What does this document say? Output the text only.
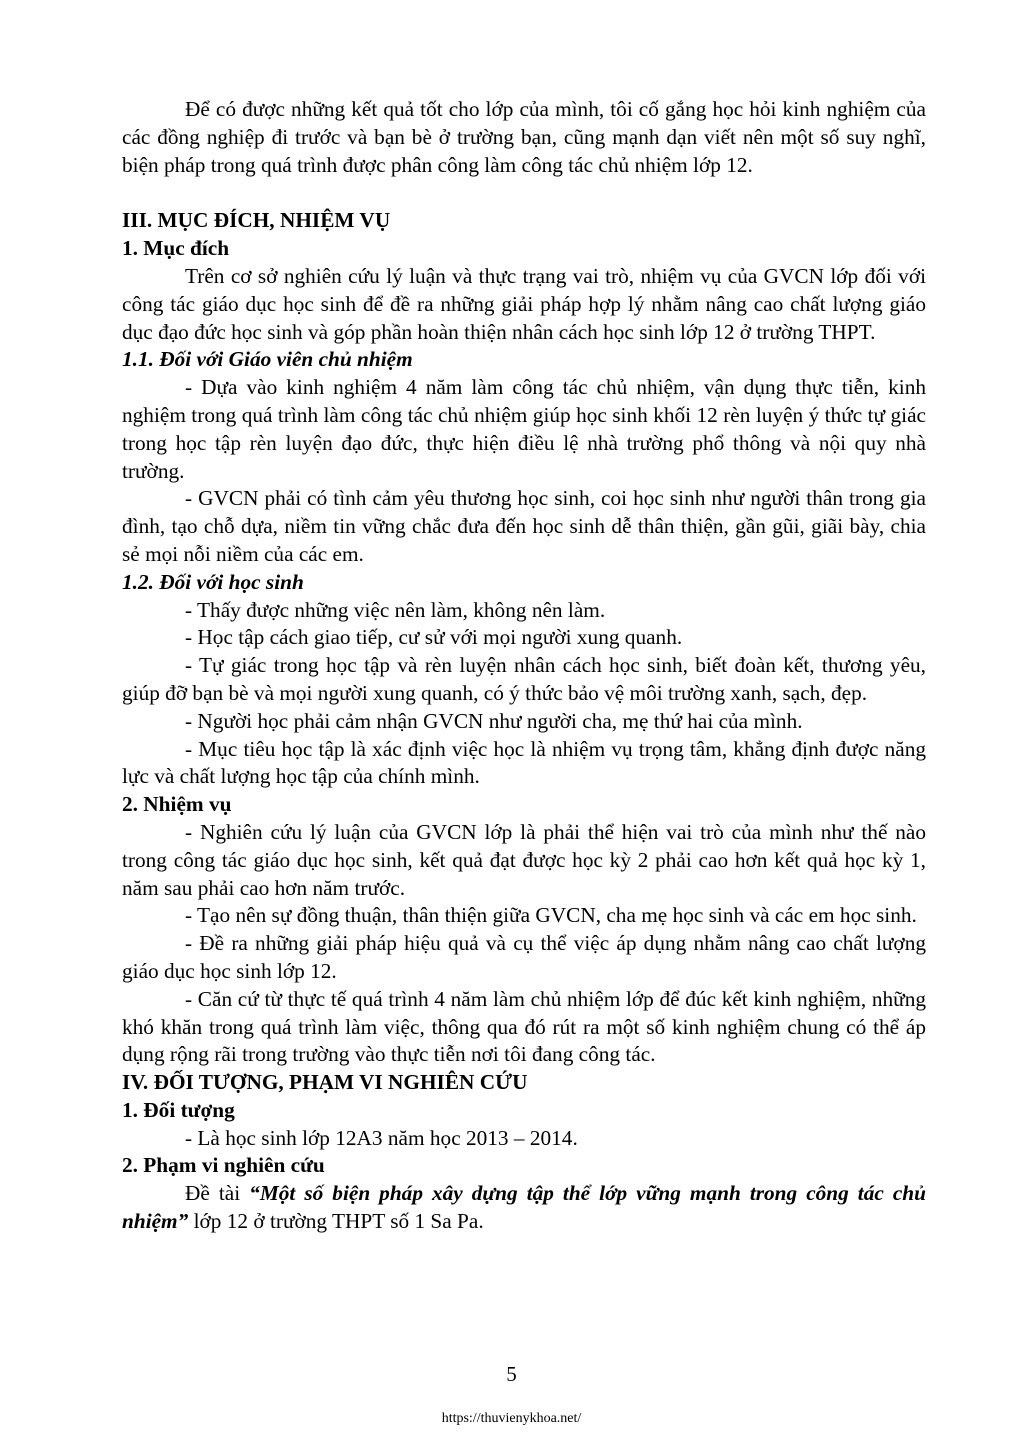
Để có được những kết quả tốt cho lớp của mình, tôi cố gắng học hỏi kinh nghiệm của các đồng nghiệp đi trước và bạn bè ở trường bạn, cũng mạnh dạn viết nên một số suy nghĩ, biện pháp trong quá trình được phân công làm công tác chủ nhiệm lớp 12.

III. MỤC ĐÍCH, NHIỆM VỤ

1. Mục đích

Trên cơ sở nghiên cứu lý luận và thực trạng vai trò, nhiệm vụ của GVCN lớp đối với công tác giáo dục học sinh để đề ra những giải pháp hợp lý nhằm nâng cao chất lượng giáo dục đạo đức học sinh và góp phần hoàn thiện nhân cách học sinh lớp 12 ở trường THPT.

1.1. Đối với Giáo viên chủ nhiệm

- Dựa vào kinh nghiệm 4 năm làm công tác chủ nhiệm, vận dụng thực tiễn, kinh nghiệm trong quá trình làm công tác chủ nhiệm giúp học sinh khối 12 rèn luyện ý thức tự giác trong học tập rèn luyện đạo đức, thực hiện điều lệ nhà trường phổ thông và nội quy nhà trường.

- GVCN phải có tình cảm yêu thương học sinh, coi học sinh như người thân trong gia đình, tạo chỗ dựa, niềm tin vững chắc đưa đến học sinh dễ thân thiện, gần gũi, giãi bày, chia sẻ mọi nỗi niềm của các em.

1.2. Đối với học sinh

- Thấy được những việc nên làm, không nên làm.

- Học tập cách giao tiếp, cư sử với mọi người xung quanh.

- Tự giác trong học tập và rèn luyện nhân cách học sinh, biết đoàn kết, thương yêu, giúp đỡ bạn bè và mọi người xung quanh, có ý thức bảo vệ môi trường xanh, sạch, đẹp.

- Người học phải cảm nhận GVCN như người cha, mẹ thứ hai của mình.

- Mục tiêu học tập là xác định việc học là nhiệm vụ trọng tâm, khẳng định được năng lực và chất lượng học tập của chính mình.

2. Nhiệm vụ

- Nghiên cứu lý luận của GVCN lớp là phải thể hiện vai trò của mình như thế nào trong công tác giáo dục học sinh, kết quả đạt được học kỳ 2 phải cao hơn kết quả học kỳ 1, năm sau phải cao hơn năm trước.

- Tạo nên sự đồng thuận, thân thiện giữa GVCN, cha mẹ học sinh và các em học sinh.

- Đề ra những giải pháp hiệu quả và cụ thể việc áp dụng nhằm nâng cao chất lượng giáo dục học sinh lớp 12.

- Căn cứ từ thực tế quá trình 4 năm làm chủ nhiệm lớp để đúc kết kinh nghiệm, những khó khăn trong quá trình làm việc, thông qua đó rút ra một số kinh nghiệm chung có thể áp dụng rộng rãi trong trường vào thực tiễn nơi tôi đang công tác.

IV. ĐỐI TƯỢNG, PHẠM VI NGHIÊN CỨU

1. Đối tượng

- Là học sinh lớp 12A3 năm học 2013 – 2014.

2. Phạm vi nghiên cứu

Đề tài “Một số biện pháp xây dựng tập thể lớp vững mạnh trong công tác chủ nhiệm” lớp 12 ở trường THPT số 1 Sa Pa.

5
https://thuvienykhoa.net/
